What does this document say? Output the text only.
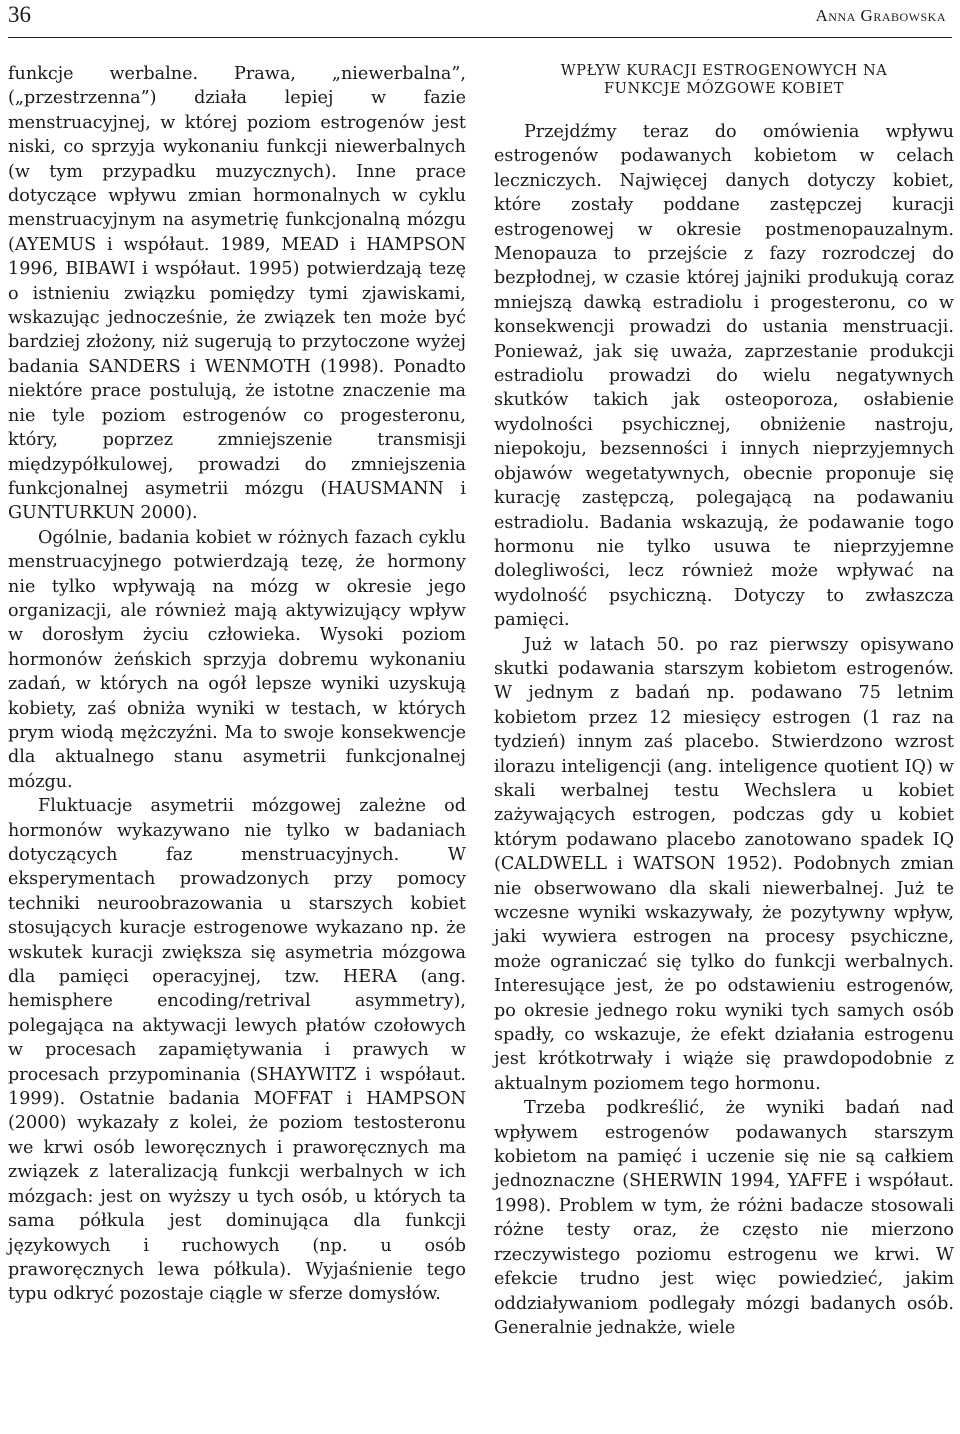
36	Anna Grabowska

funkcje werbalne. Prawa, „niewerbalna”, („przestrzenna”) działa lepiej w fazie menstruacyjnej, w której poziom estrogenów jest niski, co sprzyja wykonaniu funkcji niewerbalnych (w tym przypadku muzycznych). Inne prace dotyczące wpływu zmian hormonalnych w cyklu menstruacyjnym na asymetrię funkcjonalną mózgu (AYEMUS i współaut. 1989, MEAD i HAMPSON 1996, BIBAWI i współaut. 1995) potwierdzają tezę o istnieniu związku pomiędzy tymi zjawiskami, wskazując jednocześnie, że związek ten może być bardziej złożony, niż sugerują to przytoczone wyżej badania SANDERS i WENMOTH (1998). Ponadto niektóre prace postulują, że istotne znaczenie ma nie tyle poziom estrogenów co progesteronu, który, poprzez zmniejszenie transmisji międzypółkulowej, prowadzi do zmniejszenia funkcjonalnej asymetrii mózgu (HAUSMANN i GUNTURKUN 2000).

Ogólnie, badania kobiet w różnych fazach cyklu menstruacyjnego potwierdzają tezę, że hormony nie tylko wpływają na mózg w okresie jego organizacji, ale również mają aktywizujący wpływ w dorosłym życiu człowieka. Wysoki poziom hormonów żeńskich sprzyja dobremu wykonaniu zadań, w których na ogół lepsze wyniki uzyskują kobiety, zaś obniża wyniki w testach, w których prym wiodą mężczyźni. Ma to swoje konsekwencje dla aktualnego stanu asymetrii funkcjonalnej mózgu.

Fluktuacje asymetrii mózgowej zależne od hormonów wykazywano nie tylko w badaniach dotyczących faz menstruacyjnych. W eksperymentach prowadzonych przy pomocy techniki neuroobrazowania u starszych kobiet stosujących kuracje estrogenowe wykazano np. że wskutek kuracji zwiększa się asymetria mózgowa dla pamięci operacyjnej, tzw. HERA (ang. hemisphere encoding/retrival asymmetry), polegająca na aktywacji lewych płatów czołowych w procesach zapamiętywania i prawych w procesach przypominania (SHAYWITZ i współaut. 1999). Ostatnie badania MOFFAT i HAMPSON (2000) wykazały z kolei, że poziom testosteronu we krwi osób leworęcznych i praworęcznych ma związek z lateralizacją funkcji werbalnych w ich mózgach: jest on wyższy u tych osób, u których ta sama półkula jest dominująca dla funkcji językowych i ruchowych (np. u osób praworęcznych lewa półkula). Wyjaśnienie tego typu odkryć pozostaje ciągle w sferze domysłów.

WPŁYW KURACJI ESTROGENOWYCH NA
FUNKCJE MÓZGOWE KOBIET

Przejdźmy teraz do omówienia wpływu estrogenów podawanych kobietom w celach leczniczych. Najwięcej danych dotyczy kobiet, które zostały poddane zastępczej kuracji estrogenowej w okresie postmenopauzalnym. Menopauza to przejście z fazy rozrodczej do bezpłodnej, w czasie której jajniki produkują coraz mniejszą dawką estradiolu i progesteronu, co w konsekwencji prowadzi do ustania menstruacji. Ponieważ, jak się uważa, zaprzestanie produkcji estradiolu prowadzi do wielu negatywnych skutków takich jak osteoporoza, osłabienie wydolności psychicznej, obniżenie nastroju, niepokoju, bezsenności i innych nieprzyjemnych objawów wegetatywnych, obecnie proponuje się kurację zastępczą, polegającą na podawaniu estradiolu. Badania wskazują, że podawanie togo hormonu nie tylko usuwa te nieprzyjemne dolegliwości, lecz również może wpływać na wydolność psychiczną. Dotyczy to zwłaszcza pamięci.

Już w latach 50. po raz pierwszy opisywano skutki podawania starszym kobietom estrogenów. W jednym z badań np. podawano 75 letnim kobietom przez 12 miesięcy estrogen (1 raz na tydzień) innym zaś placebo. Stwierdzono wzrost ilorazu inteligencji (ang. inteligence quotient IQ) w skali werbalnej testu Wechslera u kobiet zażywających estrogen, podczas gdy u kobiet którym podawano placebo zanotowano spadek IQ (CALDWELL i WATSON 1952). Podobnych zmian nie obserwowano dla skali niewerbalnej. Już te wczesne wyniki wskazywały, że pozytywny wpływ, jaki wywiera estrogen na procesy psychiczne, może ograniczać się tylko do funkcji werbalnych. Interesujące jest, że po odstawieniu estrogenów, po okresie jednego roku wyniki tych samych osób spadły, co wskazuje, że efekt działania estrogenu jest krótkotrwały i wiąże się prawdopodobnie z aktualnym poziomem tego hormonu.

Trzeba podkreślić, że wyniki badań nad wpływem estrogenów podawanych starszym kobietom na pamięć i uczenie się nie są całkiem jednoznaczne (SHERWIN 1994, YAFFE i współaut. 1998). Problem w tym, że różni badacze stosowali różne testy oraz, że często nie mierzono rzeczywistego poziomu estrogenu we krwi. W efekcie trudno jest więc powiedzieć, jakim oddziaływaniom podlegały mózgi badanych osób. Generalnie jednakże, wiele
